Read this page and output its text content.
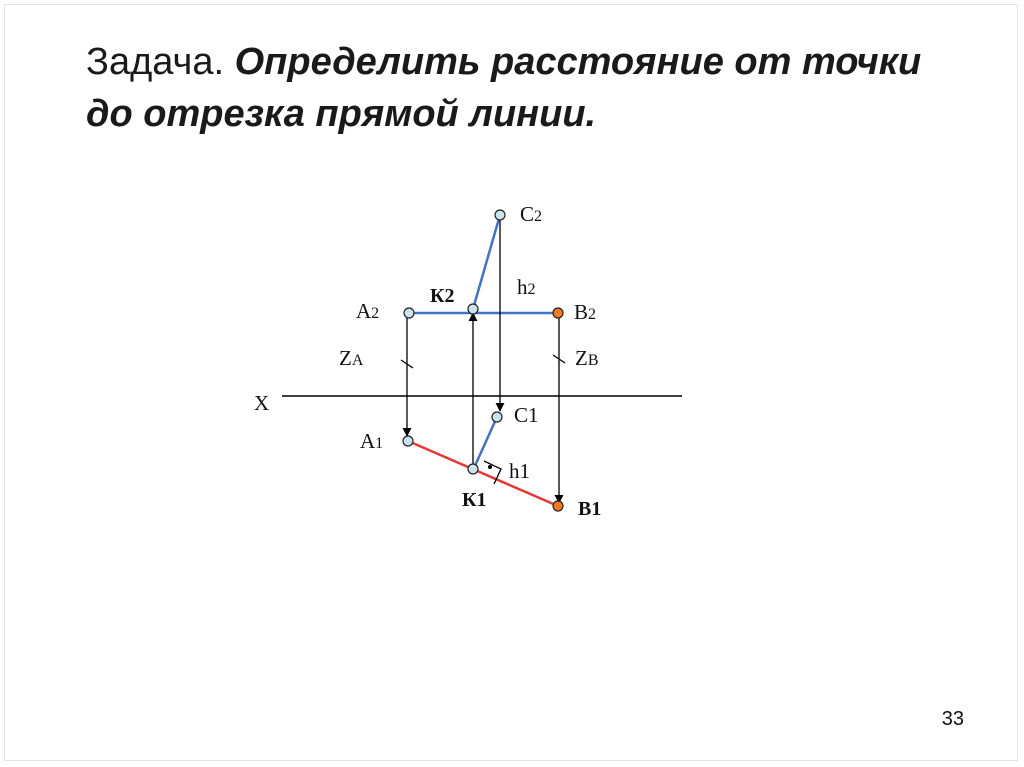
Задача. Определить расстояние от точки
до отрезка прямой линии.
C2
h2
К2
A2	B2
ZA	ZB
X	C1
A1
h1
К1	B1
33
